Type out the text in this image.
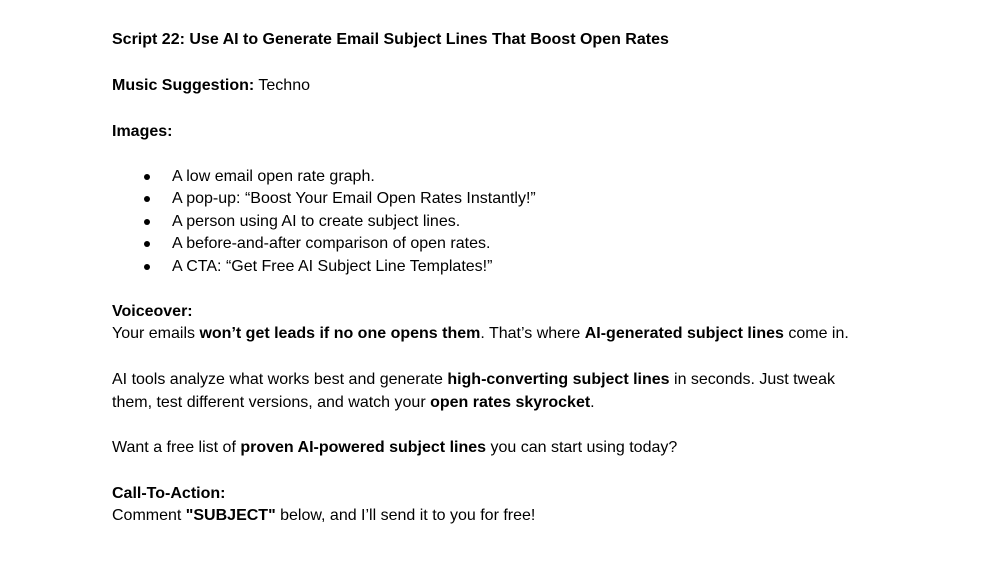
Script 22: Use AI to Generate Email Subject Lines That Boost Open Rates
Music Suggestion: Techno
Images:
A low email open rate graph.
A pop-up: “Boost Your Email Open Rates Instantly!”
A person using AI to create subject lines.
A before-and-after comparison of open rates.
A CTA: “Get Free AI Subject Line Templates!”
Voiceover:
Your emails won’t get leads if no one opens them. That’s where AI-generated subject lines come in.
AI tools analyze what works best and generate high-converting subject lines in seconds. Just tweak
them, test different versions, and watch your open rates skyrocket.
Want a free list of proven AI-powered subject lines you can start using today?
Call-To-Action:
Comment "SUBJECT" below, and I’ll send it to you for free!
